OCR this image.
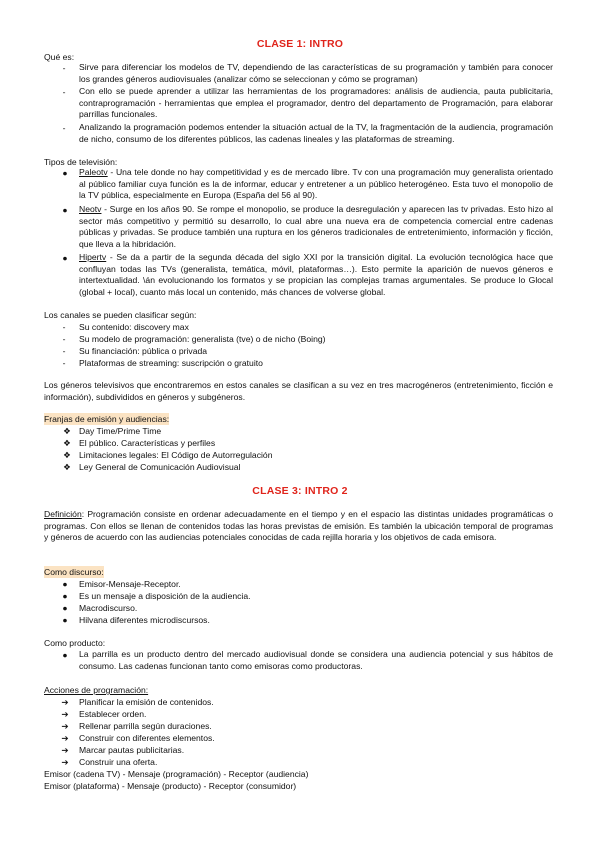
CLASE 1: INTRO
Qué es:
-	Sirve para diferenciar los modelos de TV, dependiendo de las características de su programación y también para conocer los grandes géneros audiovisuales (analizar cómo se seleccionan y cómo se programan)
-	Con ello se puede aprender a utilizar las herramientas de los programadores: análisis de audiencia, pauta publicitaria, contraprogramación - herramientas que emplea el programador, dentro del departamento de Programación, para elaborar parrillas funcionales.
-	Analizando la programación podemos entender la situación actual de la TV, la fragmentación de la audiencia, programación de nicho, consumo de los diferentes públicos, las cadenas lineales y las plataformas de streaming.
Tipos de televisión:
●	Paleotv - Una tele donde no hay competitividad y es de mercado libre. Tv con una programación muy generalista orientado al público familiar cuya función es la de informar, educar y entretener a un público heterogéneo. Esta tuvo el monopolio de la TV pública, especialmente en Europa (España del 56 al 90).
●	Neotv - Surge en los años 90. Se rompe el monopolio, se produce la desregulación y aparecen las tv privadas. Esto hizo al sector más competitivo y permitió su desarrollo, lo cual abre una nueva era de competencia comercial entre cadenas públicas y privadas. Se produce también una ruptura en los géneros tradicionales de entretenimiento, información y ficción, que lleva a la hibridación.
●	Hipertv - Se da a partir de la segunda década del siglo XXI por la transición digital. La evolución tecnológica hace que confluyan todas las TVs (generalista, temática, móvil, plataformas…). Esto permite la aparición de nuevos géneros e intertextualidad. \án evolucionando los formatos y se propician las complejas tramas argumentales. Se produce lo Glocal (global + local), cuanto más local un contenido, más chances de volverse global.
Los canales se pueden clasificar según:
-	Su contenido: discovery max
-	Su modelo de programación: generalista (tve) o de nicho (Boing)
-	Su financiación: pública o privada
-	Plataformas de streaming: suscripción o gratuito
Los géneros televisivos que encontraremos en estos canales se clasifican a su vez en tres macrogéneros (entretenimiento, ficción e información), subdivididos en géneros y subgéneros.
Franjas de emisión y audiencias:
❖ Day Time/Prime Time
❖ El público. Características y perfiles
❖ Limitaciones legales: El Código de Autorregulación
❖ Ley General de Comunicación Audiovisual
CLASE 3: INTRO 2
Definición: Programación consiste en ordenar adecuadamente en el tiempo y en el espacio las distintas unidades programáticas o programas. Con ellos se llenan de contenidos todas las horas previstas de emisión. Es también la ubicación temporal de programas y géneros de acuerdo con las audiencias potenciales conocidas de cada rejilla horaria y los objetivos de cada emisora.
Como discurso:
●	Emisor-Mensaje-Receptor.
●	Es un mensaje a disposición de la audiencia.
●	Macrodiscurso.
●	Hilvana diferentes microdiscursos.
Como producto:
●	La parrilla es un producto dentro del mercado audiovisual donde se considera una audiencia potencial y sus hábitos de consumo. Las cadenas funcionan tanto como emisoras como productoras.
Acciones de programación:
➔ Planificar la emisión de contenidos.
➔ Establecer orden.
➔ Rellenar parrilla según duraciones.
➔ Construir con diferentes elementos.
➔ Marcar pautas publicitarias.
➔ Construir una oferta.
Emisor (cadena TV) - Mensaje (programación) - Receptor (audiencia)
Emisor (plataforma) - Mensaje (producto) - Receptor (consumidor)
